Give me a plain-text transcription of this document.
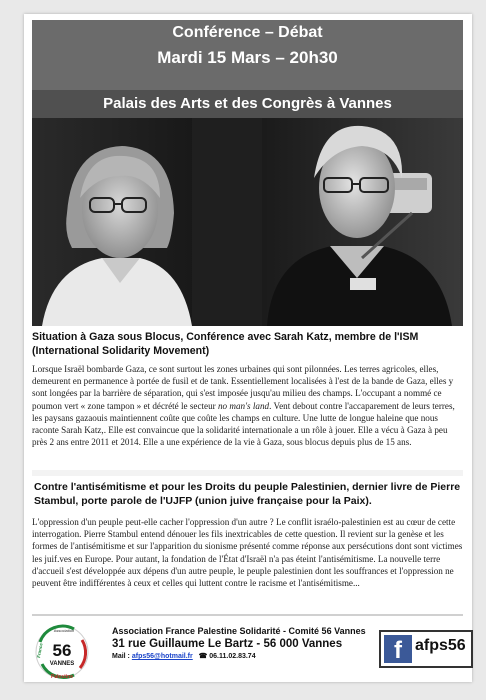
Conférence – Débat
Mardi 15 Mars – 20h30
Palais des Arts et des Congrès à Vannes
Situation à Gaza sous Blocus, Conférence avec Sarah Katz, membre de l'ISM (International Solidarity Movement)
Lorsque Israël bombarde Gaza, ce sont surtout les zones urbaines qui sont pilonnées. Les terres agricoles, elles, demeurent en permanence à portée de fusil et de tank. Essentiellement localisées à l'est de la bande de Gaza, elles y sont longées par la barrière de séparation, qui s'est imposée jusqu'au milieu des champs. L'occupant a nommé ce poumon vert « zone tampon » et décrété le secteur no man's land. Vent debout contre l'accaparement de leurs terres, les paysans gazaouis maintiennent coûte que coûte les champs en culture. Une lutte de longue haleine que nous raconte Sarah Katz,. Elle est convaincue que la solidarité internationale a un rôle à jouer. Elle a vécu à Gaza à peu près 2 ans entre 2011 et 2014. Elle a une expérience de la vie à Gaza, sous blocus depuis plus de 15 ans.
Contre l'antisémitisme et pour les Droits du peuple Palestinien, dernier livre de Pierre Stambul, porte parole de l'UJFP (union juive française pour la Paix).
L'oppression d'un peuple peut-elle cacher l'oppression d'un autre ? Le conflit israélo-palestinien est au cœur de cette interrogation. Pierre Stambul entend dénouer les fils inextricables de cette question. Il revient sur la genèse et les formes de l'antisémitisme et sur l'apparition du sionisme présenté comme réponse aux persécutions dont sont victimes les juif.ves en Europe. Pour autant, la fondation de l'État d'Israël n'a pas éteint l'antisémitisme. La nouvelle terre d'accueil s'est développée aux dépens d'un autre peuple, le peuple palestinien dont les souffrances et l'oppression ne peuvent être indifférentes à ceux et celles qui luttent contre le racisme et l'antisémitisme...
56
VANNES
Association
France
Palestine
Association France Palestine Solidarité - Comité 56 Vannes
31 rue Guillaume Le Bartz - 56 000 Vannes
Mail : afps56@hotmail.fr ☎ 06.11.02.83.74	f afps56
